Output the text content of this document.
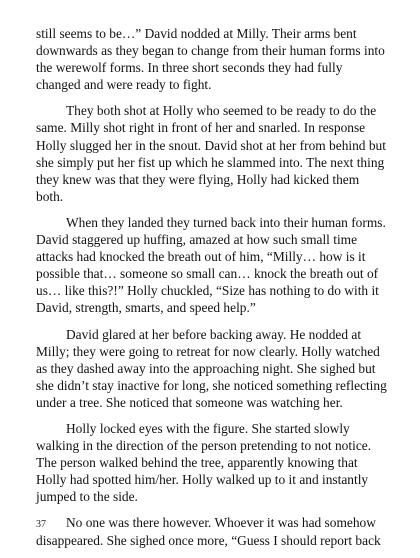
still seems to be…” David nodded at Milly. Their arms bent downwards as they began to change from their human forms into the werewolf forms. In three short seconds they had fully changed and were ready to fight.

They both shot at Holly who seemed to be ready to do the same. Milly shot right in front of her and snarled. In response Holly slugged her in the snout. David shot at her from behind but she simply put her fist up which he slammed into. The next thing they knew was that they were flying, Holly had kicked them both.

When they landed they turned back into their human forms. David staggered up huffing, amazed at how such small time attacks had knocked the breath out of him, “Milly… how is it possible that… someone so small can… knock the breath out of us… like this?!” Holly chuckled, “Size has nothing to do with it David, strength, smarts, and speed help.”

David glared at her before backing away. He nodded at Milly; they were going to retreat for now clearly. Holly watched as they dashed away into the approaching night. She sighed but she didn’t stay inactive for long, she noticed something reflecting under a tree. She noticed that someone was watching her.

Holly locked eyes with the figure. She started slowly walking in the direction of the person pretending to not notice. The person walked behind the tree, apparently knowing that Holly had spotted him/her. Holly walked up to it and instantly jumped to the side.

No one was there however. Whoever it was had somehow disappeared. She sighed once more, “Guess I should report back

37
